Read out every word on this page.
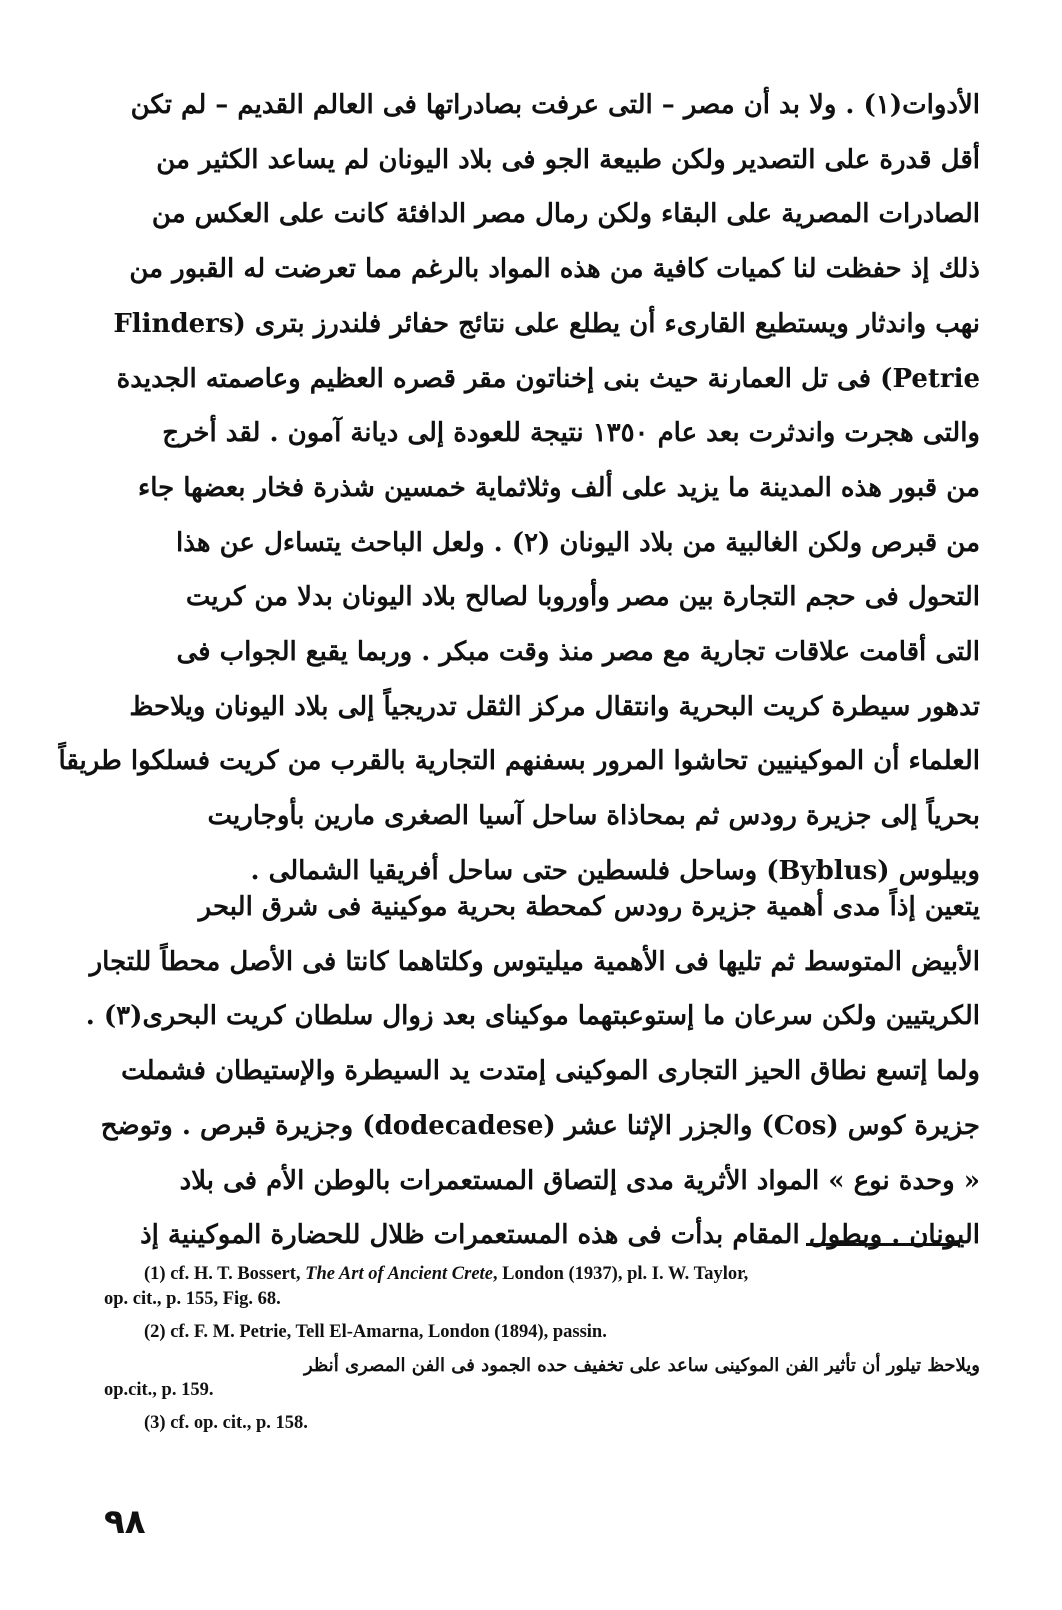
الأدوات(١) . ولا بد أن مصر – التى عرفت بصادراتها فى العالم القديم – لم تكن
أقل قدرة على التصدير ولكن طبيعة الجو فى بلاد اليونان لم يساعد الكثير من
الصادرات المصرية على البقاء ولكن رمال مصر الدافئة كانت على العكس من
ذلك إذ حفظت لنا كميات كافية من هذه المواد بالرغم مما تعرضت له القبور من
نهب واندثار ويستطيع القارىء أن يطلع على نتائج حفائر فلندرز بترى (Flinders
Petrie) فى تل العمارنة حيث بنى إخناتون مقر قصره العظيم وعاصمته الجديدة
والتى هجرت واندثرت بعد عام ١٣٥٠ نتيجة للعودة إلى ديانة آمون . لقد أخرج
من قبور هذه المدينة ما يزيد على ألف وثلاثماية خمسين شذرة فخار بعضها جاء
من قبرص ولكن الغالبية من بلاد اليونان (٢) . ولعل الباحث يتساءل عن هذا
التحول فى حجم التجارة بين مصر وأوروبا لصالح بلاد اليونان بدلا من كريت
التى أقامت علاقات تجارية مع مصر منذ وقت مبكر . وربما يقبع الجواب فى
تدهور سيطرة كريت البحرية وانتقال مركز الثقل تدريجياً إلى بلاد اليونان ويلاحظ
العلماء أن الموكينيين تحاشوا المرور بسفنهم التجارية بالقرب من كريت فسلكوا طريقاً
بحرياً إلى جزيرة رودس ثم بمحاذاة ساحل آسيا الصغرى مارين بأوجاريت
وبيلوس (Byblus) وساحل فلسطين حتى ساحل أفريقيا الشمالى .
يتعين إذاً مدى أهمية جزيرة رودس كمحطة بحرية موكينية فى شرق البحر
الأبيض المتوسط ثم تليها فى الأهمية ميليتوس وكلتاهما كانتا فى الأصل محطاً للتجار
الكريتيين ولكن سرعان ما إستوعبتهما موكيناى بعد زوال سلطان كريت البحرى(٣) .
ولما إتسع نطاق الحيز التجارى الموكينى إمتدت يد السيطرة والإستيطان فشملت
جزيرة كوس (Cos) والجزر الإثنا عشر (dodecadese) وجزيرة قبرص . وتوضح
« وحدة نوع » المواد الأثرية مدى إلتصاق المستعمرات بالوطن الأم فى بلاد
اليونان . وبطول المقام بدأت فى هذه المستعمرات ظلال للحضارة الموكينية إذ
(1) cf. H. T. Bossert, The Art of Ancient Crete, London (1937), pl. I. W. Taylor,
op. cit., p. 155, Fig. 68.
(2) cf. F. M. Petrie, Tell El-Amarna, London (1894), passin.
ويلاحظ تيلور أن تأثير الفن الموكينى ساعد على تخفيف حده الجمود فى الفن المصرى أنظر
op.cit., p. 159.
(3) cf. op. cit., p. 158.
٩٨
